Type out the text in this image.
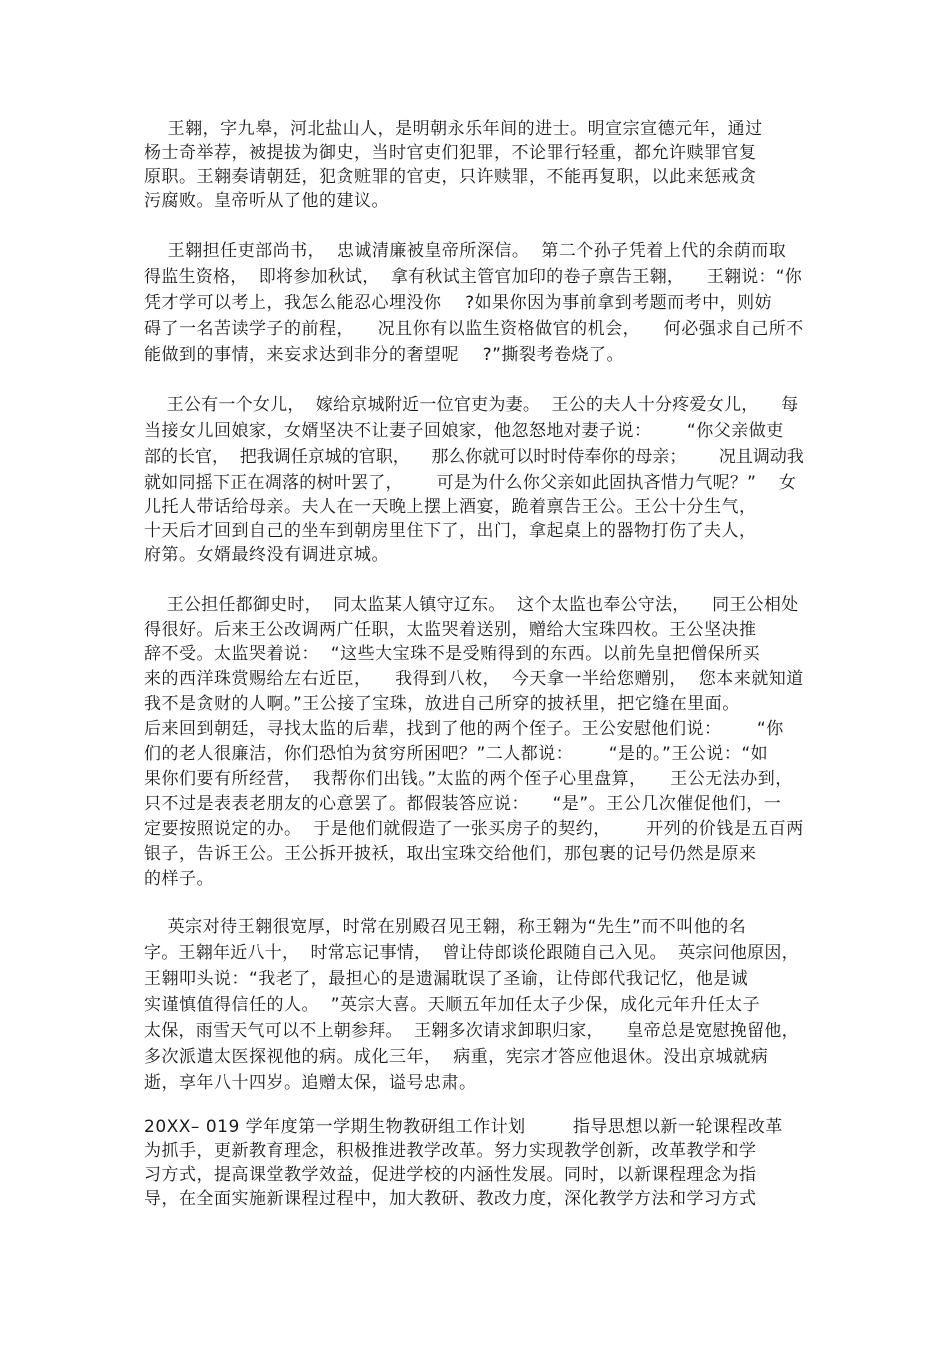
王翱，字九皋，河北盐山人，是明朝永乐年间的进士。明宣宗宣德元年，通过
杨士奇举荐，被提拔为御史，当时官吏们犯罪，不论罪行轻重，都允许赎罪官复
原职。王翱奏请朝廷，犯贪赃罪的官吏，只许赎罪，不能再复职，以此来惩戒贪
污腐败。皇帝听从了他的建议。
王翱担任吏部尚书，  忠诚清廉被皇帝所深信。  第二个孙子凭着上代的余荫而取
得监生资格，  即将参加秋试，  拿有秋试主管官加印的卷子禀告王翱，    王翱说：“你
凭才学可以考上，我怎么能忍心埋没你    ?如果你因为事前拿到考题而考中，则妨
碍了一名苦读学子的前程，    况且你有以监生资格做官的机会，    何必强求自己所不
能做到的事情，来妄求达到非分的奢望呢    ?”撕裂考卷烧了。
王公有一个女儿，  嫁给京城附近一位官吏为妻。  王公的夫人十分疼爱女儿，    每
当接女儿回娘家，女婿坚决不让妻子回娘家，他忽怒地对妻子说：      “你父亲做吏
部的长官，  把我调任京城的官职，    那么你就可以时时侍奉你的母亲；      况且调动我
就如同摇下正在凋落的树叶罢了，      可是为什么你父亲如此固执吝惜力气呢？”    女
儿托人带话给母亲。夫人在一天晚上摆上酒宴，跪着禀告王公。王公十分生气，
十天后才回到自己的坐车到朝房里住下了，出门，拿起桌上的器物打伤了夫人，
府第。女婿最终没有调进京城。
王公担任都御史时，  同太监某人镇守辽东。  这个太监也奉公守法，    同王公相处
得很好。后来王公改调两广任职，太监哭着送别，赠给大宝珠四枚。王公坚决推
辞不受。太监哭着说：  “这些大宝珠不是受贿得到的东西。以前先皇把僧保所买
来的西洋珠赏赐给左右近臣，    我得到八枚，  今天拿一半给您赠别，  您本来就知道
我不是贪财的人啊。”王公接了宝珠，放进自己所穿的披袄里，把它缝在里面。
后来回到朝廷，寻找太监的后辈，找到了他的两个侄子。王公安慰他们说：      “你
们的老人很廉洁，你们恐怕为贫穷所困吧？”二人都说：      “是的。”王公说：“如
果你们要有所经营，  我帮你们出钱。”太监的两个侄子心里盘算，    王公无法办到，
只不过是表表老朋友的心意罢了。都假装答应说：    “是”。王公几次催促他们，一
定要按照说定的办。  于是他们就假造了一张买房子的契约，      开列的价钱是五百两
银子，告诉王公。王公拆开披袄，取出宝珠交给他们，那包裹的记号仍然是原来
的样子。
英宗对待王翱很宽厚，时常在别殿召见王翱，称王翱为“先生”而不叫他的名
字。王翱年近八十，  时常忘记事情，  曾让侍郎谈伦跟随自己入见。  英宗问他原因，
王翱叩头说：“我老了，最担心的是遗漏耽误了圣谕，让侍郎代我记忆，他是诚
实谨慎值得信任的人。  ”英宗大喜。天顺五年加任太子少保，成化元年升任太子
太保，雨雪天气可以不上朝参拜。  王翱多次请求卸职归家，    皇帝总是宽慰挽留他，
多次派遣太医探视他的病。成化三年，  病重，宪宗才答应他退休。没出京城就病
逝，享年八十四岁。追赠太保，谥号忠肃。
20XX– 019 学年度第一学期生物教研组工作计划        指导思想以新一轮课程改革
为抓手，更新教育理念，积极推进教学改革。努力实现教学创新，改革教学和学
习方式，提高课堂教学效益，促进学校的内涵性发展。同时，以新课程理念为指
导，在全面实施新课程过程中，加大教研、教改力度，深化教学方法和学习方式
